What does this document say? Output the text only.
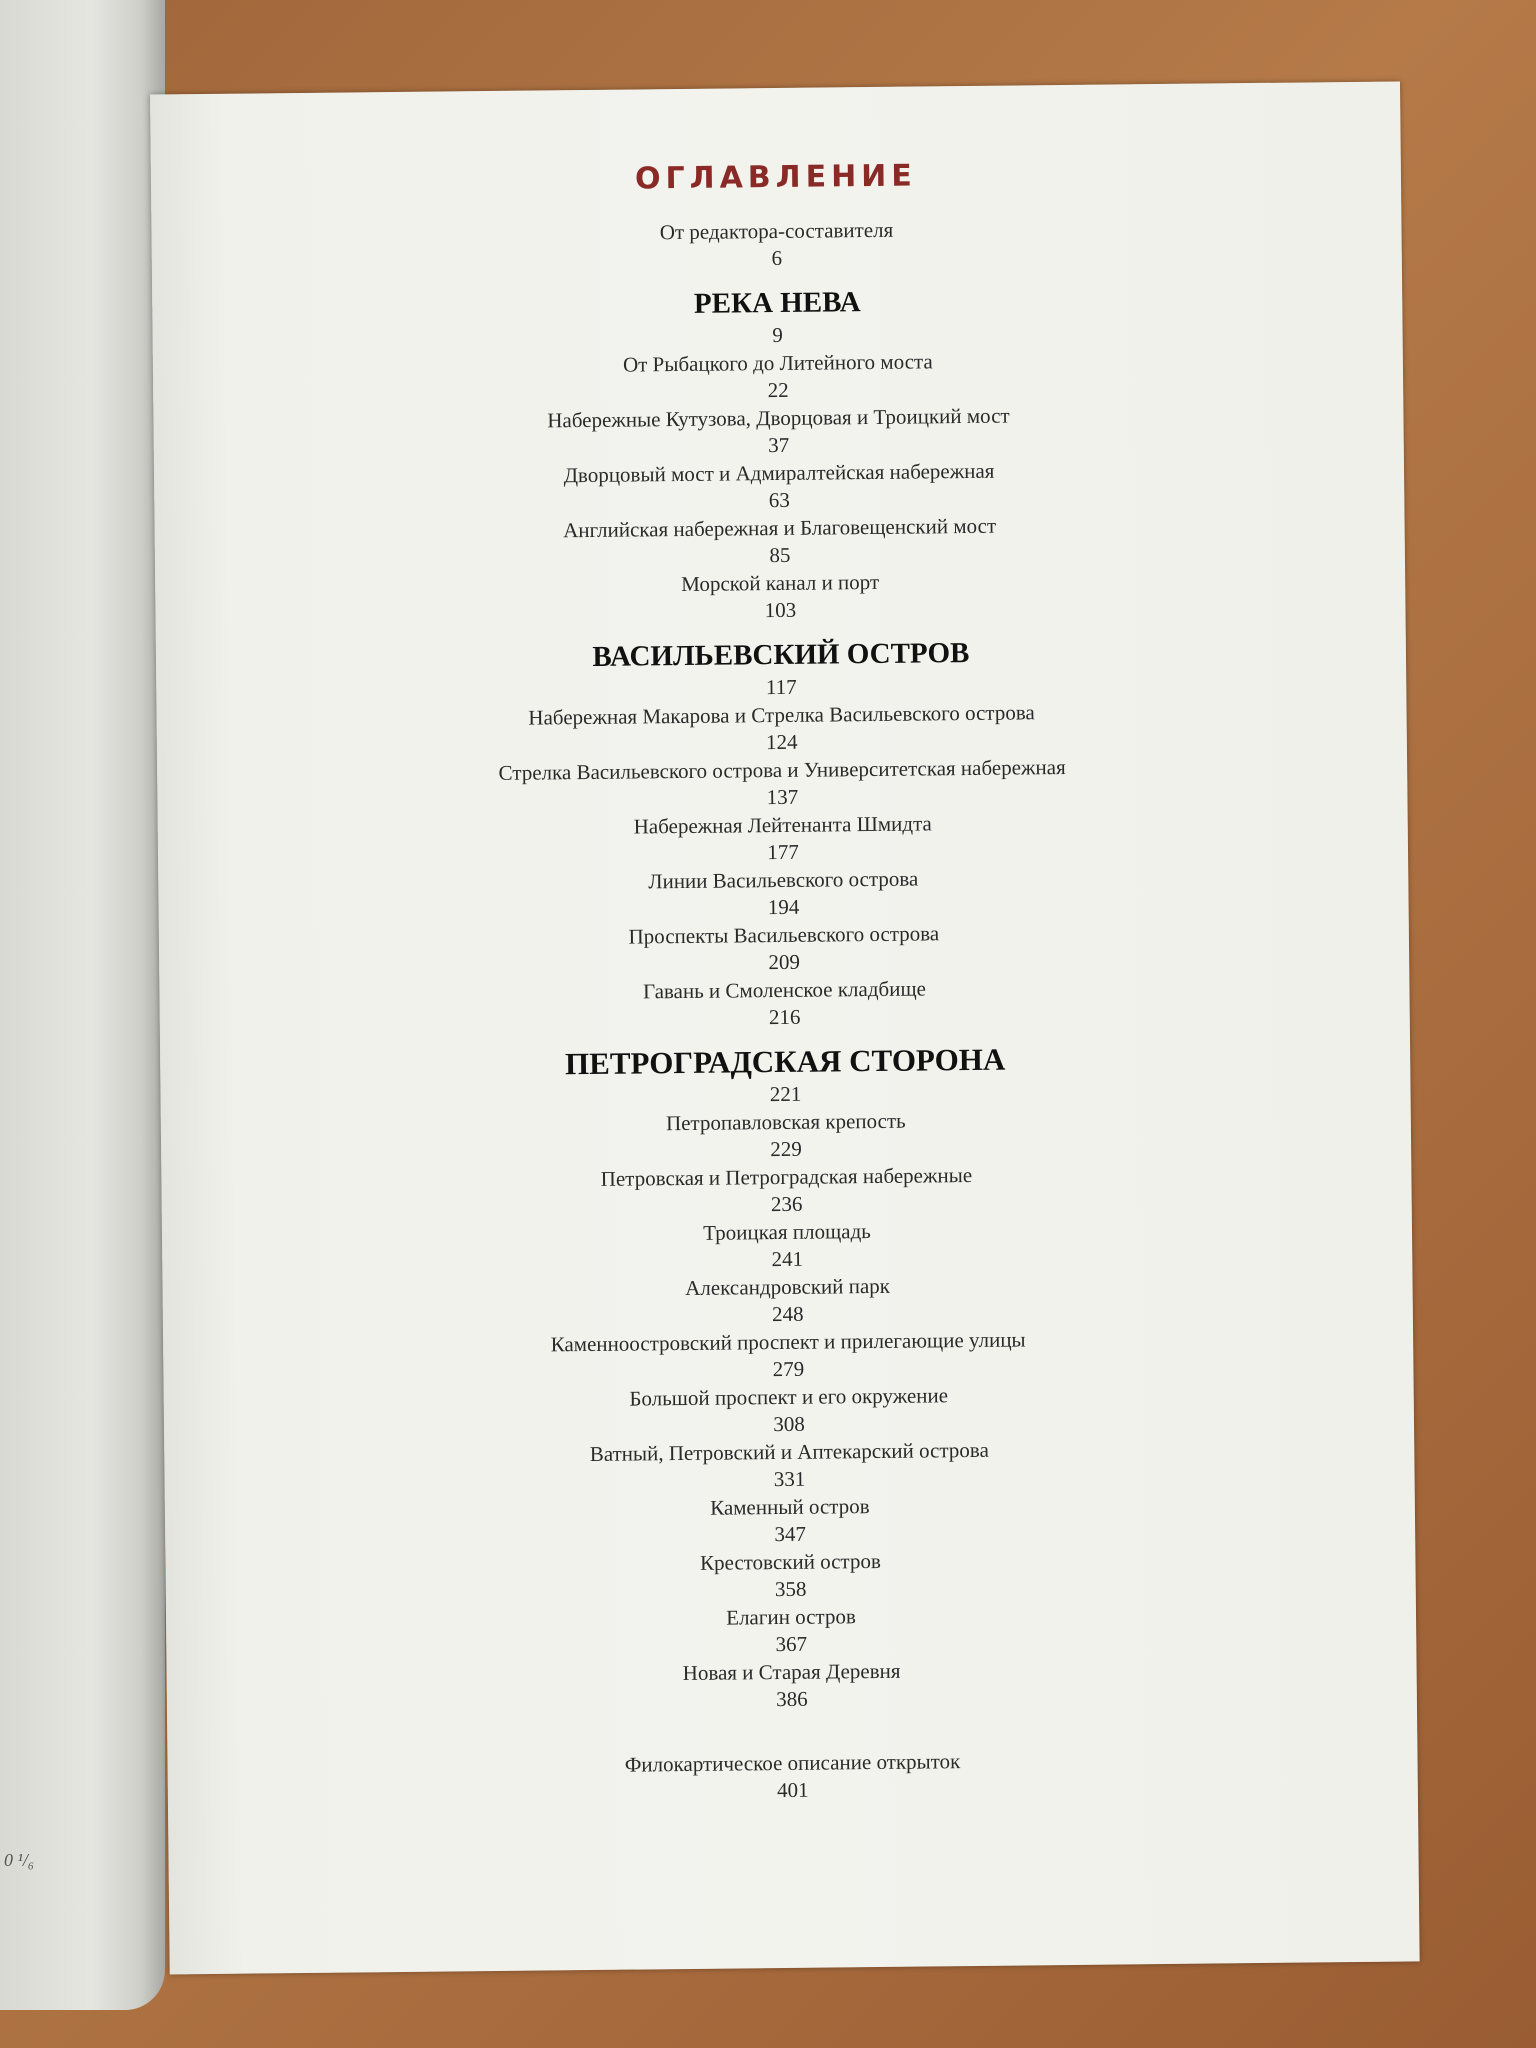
0 ¹/₆
ОГЛАВЛЕНИЕ
От редактора-составителя
6
РЕКА НЕВА
9
От Рыбацкого до Литейного моста
22
Набережные Кутузова, Дворцовая и Троицкий мост
37
Дворцовый мост и Адмиралтейская набережная
63
Английская набережная и Благовещенский мост
85
Морской канал и порт
103
ВАСИЛЬЕВСКИЙ ОСТРОВ
117
Набережная Макарова и Стрелка Васильевского острова
124
Стрелка Васильевского острова и Университетская набережная
137
Набережная Лейтенанта Шмидта
177
Линии Васильевского острова
194
Проспекты Васильевского острова
209
Гавань и Смоленское кладбище
216
ПЕТРОГРАДСКАЯ СТОРОНА
221
Петропавловская крепость
229
Петровская и Петроградская набережные
236
Троицкая площадь
241
Александровский парк
248
Каменноостровский проспект и прилегающие улицы
279
Большой проспект и его окружение
308
Ватный, Петровский и Аптекарский острова
331
Каменный остров
347
Крестовский остров
358
Елагин остров
367
Новая и Старая Деревня
386
Филокартическое описание открыток
401
